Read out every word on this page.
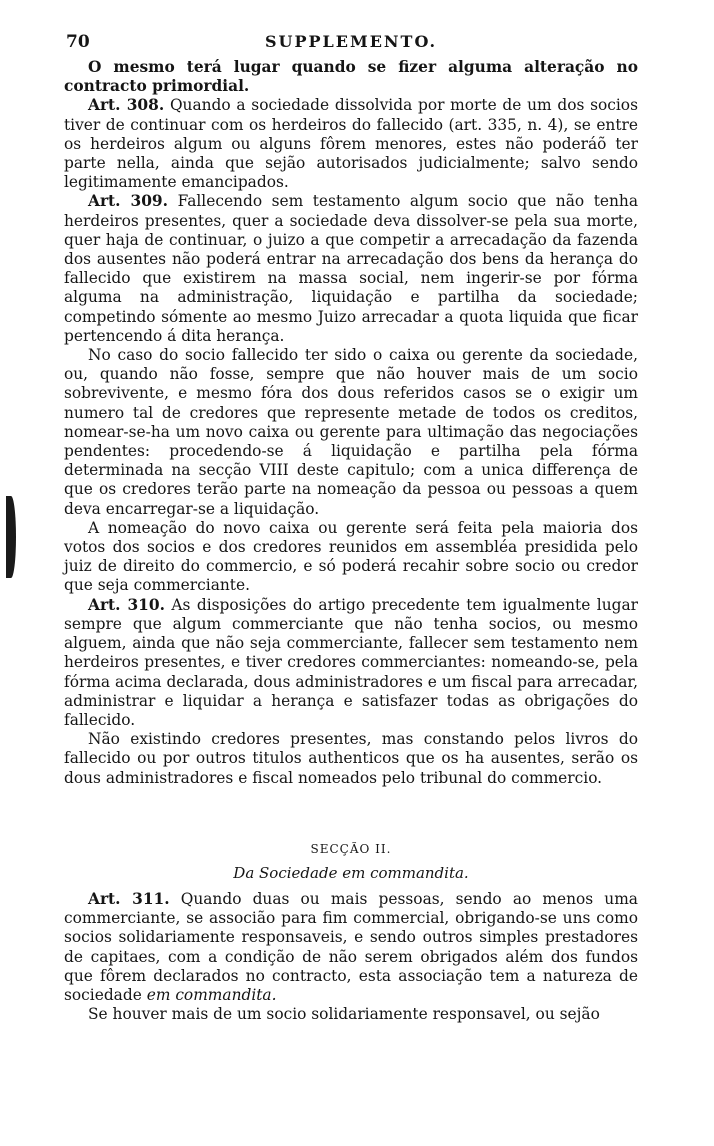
70	SUPPLEMENTO.

O mesmo terá lugar quando se fizer alguma alteração no contracto primordial.

Art. 308. Quando a sociedade dissolvida por morte de um dos socios tiver de continuar com os herdeiros do fallecido (art. 335, n. 4), se entre os herdeiros algum ou alguns fôrem menores, estes não poderáõ ter parte nella, ainda que sejão autorisados judicialmente; salvo sendo legitimamente emancipados.

Art. 309. Fallecendo sem testamento algum socio que não tenha herdeiros presentes, quer a sociedade deva dissolver-se pela sua morte, quer haja de continuar, o juizo a que competir a arrecadação da fazenda dos ausentes não poderá entrar na arrecadação dos bens da herança do fallecido que existirem na massa social, nem ingerir-se por fórma alguma na administração, liquidação e partilha da sociedade; competindo sómente ao mesmo Juizo arrecadar a quota liquida que ficar pertencendo á dita herança.

No caso do socio fallecido ter sido o caixa ou gerente da sociedade, ou, quando não fosse, sempre que não houver mais de um socio sobrevivente, e mesmo fóra dos dous referidos casos se o exigir um numero tal de credores que represente metade de todos os creditos, nomear-se-ha um novo caixa ou gerente para ultimação das negociações pendentes: procedendo-se á liquidação e partilha pela fórma determinada na secção VIII deste capitulo; com a unica differença de que os credores terão parte na nomeação da pessoa ou pessoas a quem deva encarregar-se a liquidação.

A nomeação do novo caixa ou gerente será feita pela maioria dos votos dos socios e dos credores reunidos em assembléa presidida pelo juiz de direito do commercio, e só poderá recahir sobre socio ou credor que seja commerciante.

Art. 310. As disposições do artigo precedente tem igualmente lugar sempre que algum commerciante que não tenha socios, ou mesmo alguem, ainda que não seja commerciante, fallecer sem testamento nem herdeiros presentes, e tiver credores commerciantes: nomeando-se, pela fórma acima declarada, dous administradores e um fiscal para arrecadar, administrar e liquidar a herança e satisfazer todas as obrigações do fallecido.

Não existindo credores presentes, mas constando pelos livros do fallecido ou por outros titulos authenticos que os ha ausentes, serão os dous administradores e fiscal nomeados pelo tribunal do commercio.

SECÇÃO II.
Da Sociedade em commandita.

Art. 311. Quando duas ou mais pessoas, sendo ao menos uma commerciante, se associão para fim commercial, obrigando-se uns como socios solidariamente responsaveis, e sendo outros simples prestadores de capitaes, com a condição de não serem obrigados além dos fundos que fôrem declarados no contracto, esta associação tem a natureza de sociedade em commandita.

Se houver mais de um socio solidariamente responsavel, ou sejão
